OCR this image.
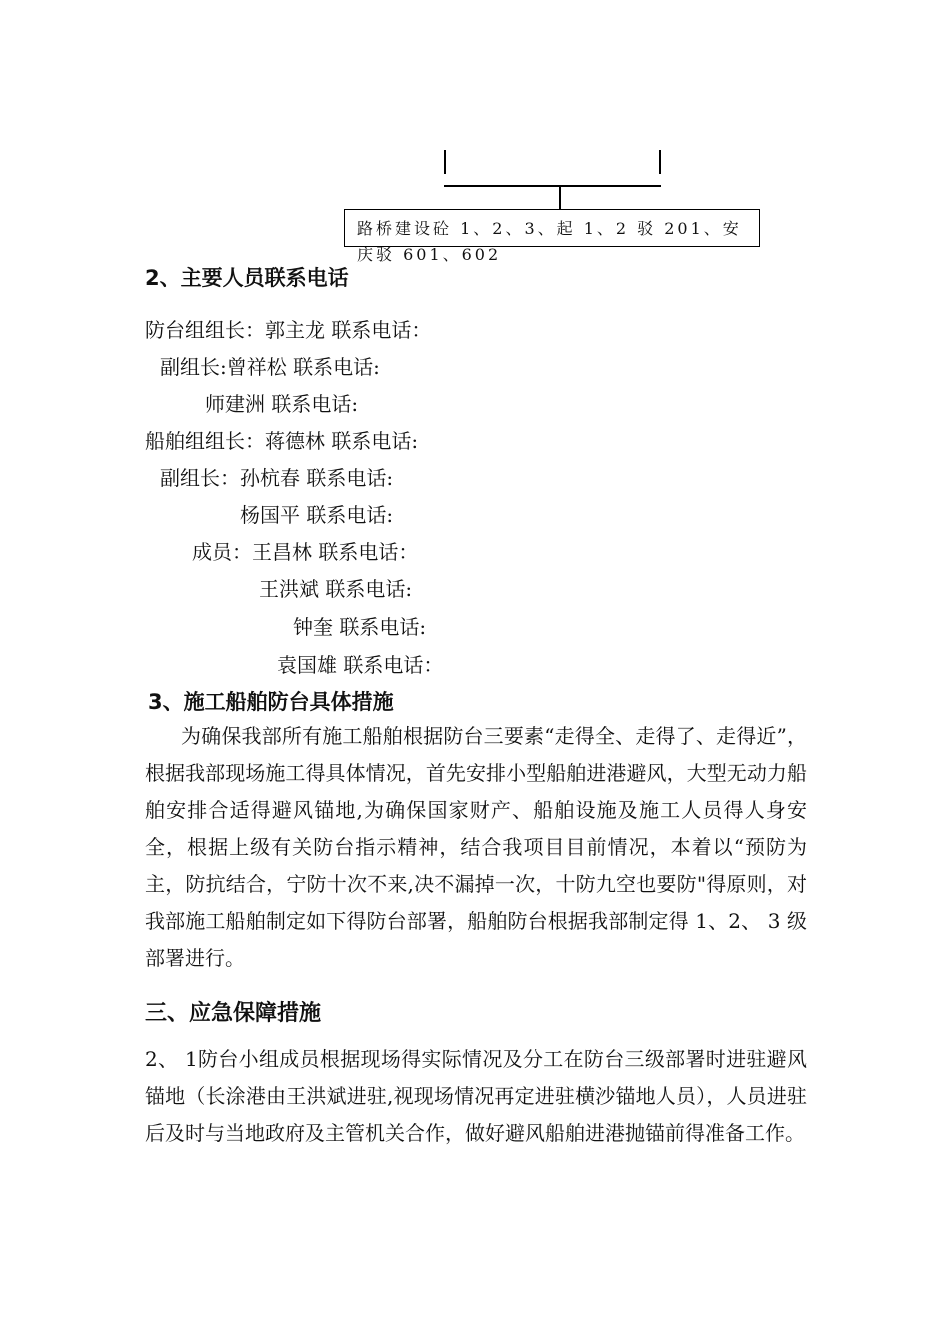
路桥建设砼 1、2、3、起 1、2 驳 201、安庆驳 601、602
2、主要人员联系电话
防台组组长：郭主龙 联系电话：
副组长:曾祥松 联系电话:
师建洲 联系电话:
船舶组组长：蒋德林 联系电话:
副组长：孙杭春 联系电话:
杨国平 联系电话:
成员：王昌林 联系电话：
王洪斌 联系电话:
钟奎 联系电话:
袁国雄 联系电话：
3、施工船舶防台具体措施
为确保我部所有施工船舶根据防台三要素“走得全、走得了、走得近”，根据我部现场施工得具体情况，首先安排小型船舶进港避风，大型无动力船舶安排合适得避风锚地,为确保国家财产、船舶设施及施工人员得人身安全，根据上级有关防台指示精神，结合我项目目前情况，本着以“预防为主，防抗结合，宁防十次不来,决不漏掉一次，十防九空也要防"得原则，对我部施工船舶制定如下得防台部署，船舶防台根据我部制定得 1、2、 3 级部署进行。
三、应急保障措施
2、 1防台小组成员根据现场得实际情况及分工在防台三级部署时进驻避风锚地（长涂港由王洪斌进驻,视现场情况再定进驻横沙锚地人员），人员进驻后及时与当地政府及主管机关合作，做好避风船舶进港抛锚前得准备工作。
